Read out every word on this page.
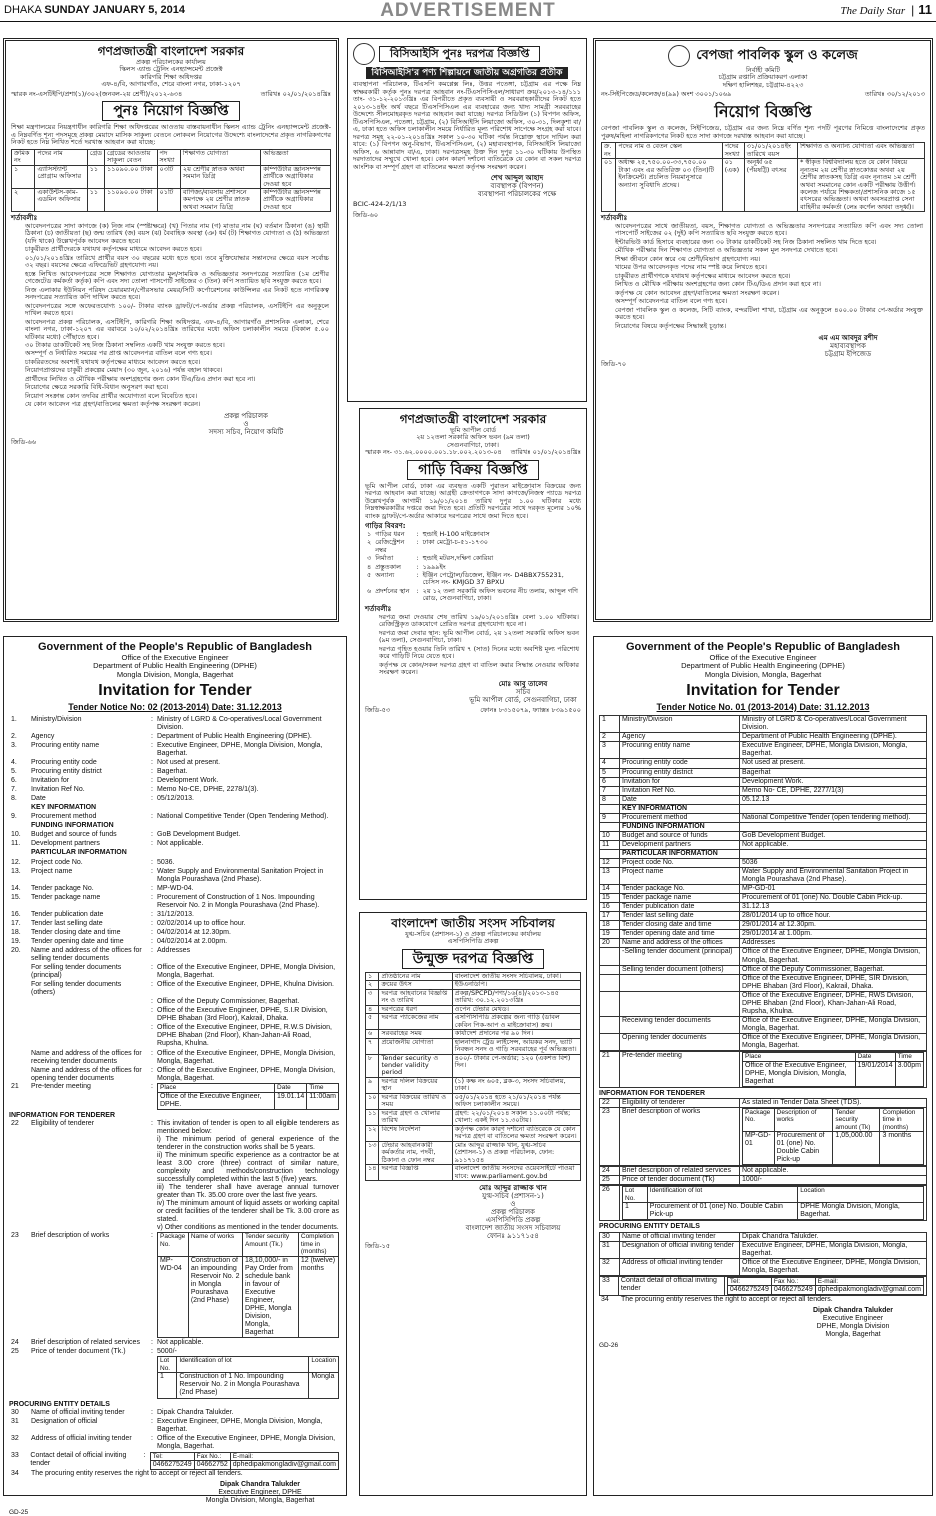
DHAKA SUNDAY JANUARY 5, 2014	ADVERTISEMENT	The Daily Star | 11
গণপ্রজাতন্ত্রী বাংলাদেশ সরকার
প্রকল্প পরিচালকের কার্যালয়
স্কিলস এ্যান্ড ট্রেনিং এনহ্যান্সমেন্ট প্রজেক্ট
কারিগরি শিক্ষা অধিদপ্তর
এফ-৪/বি, আগারগাঁও, শেরে বাংলা নগর, ঢাকা-১২০৭
স্মারক নং-এসটিইপি/প্রশা(১)/৩০২(জনবল-২য় শ্রেণী)/২০১২-৬৩৪	তারিখঃ ০২/০১/২০১৪খ্রিঃ
পুনঃ নিয়োগ বিজ্ঞপ্তি
শিক্ষা মন্ত্রণালয়ের নিয়ন্ত্রণাধীন কারিগরি শিক্ষা অধিদপ্তরের আওতায় বাস্তবায়নাধীন স্কিলস এ্যান্ড ট্রেনিং এনহ্যান্সমেন্ট প্রজেক্ট- এ নিম্নবর্ণিত শূন্য পদসমূহে প্রকল্প মেয়াদে মাসিক সাকুল্য বেতনে লোকবল নিয়োগের উদ্দেশ্যে বাংলাদেশের প্রকৃত নাগরিকগণের নিকট হতে নিম্ন লিখিত শর্তে দরখাস্ত আহবান করা যাচ্ছে:
ক্রমিক নং	পদের নাম	গ্রেড	গ্রেডের আওতায় সাকুল্য বেতন	পদ সংখ্যা	শিক্ষাগত যোগ্যতা	অভিজ্ঞতা
১	এ্যাসিস্ট্যান্ট প্রোগ্রাম অফিসার	১১	১১০৯০.০০ টাকা	০৩টি	২য় শ্রেণীর স্নাতক অথবা সমমান ডিগ্রি	কম্পিউটার জ্ঞানসম্পন্ন প্রার্থীকে অগ্রাধিকার দেওয়া হবে
২	একাউন্টস-কাম-এডমিন অফিসার	১১	১১০৯০.০০ টাকা	০১টি	বাণিজ্য/ব্যবসায় প্রশাসনে কমপক্ষে ২য় শ্রেণীর স্নাতক অথবা সমমান ডিগ্রি	কম্পিউটার জ্ঞানসম্পন্ন প্রার্থীকে অগ্রাধিকার দেওয়া হবে
শর্তাবলীঃ
	আবেদনপত্রের সাদা কাগজে (ক) নিজ নাম (স্পষ্টাক্ষরে) (খ) পিতার নাম (গ) মাতার নাম (ঘ) বর্তমান ঠিকানা (ঙ) স্থায়ী ঠিকানা (চ) জাতীয়তা (ছ) জন্ম তারিখ (জ) বয়স (ঝ) বৈবাহিক অবস্থা (ঞ) ধর্ম (ট) শিক্ষাগত যোগ্যতা ও (ঠ) অভিজ্ঞতা (যদি থাকে) উল্লেখপূর্বক আবেদন করতে হবে।
	চাকুরীরত প্রার্থীদেরকে যথাযথ কর্তৃপক্ষের মাধ্যমে আবেদন করতে হবে।
	০১/০১/২০১৪খ্রিঃ তারিখে প্রার্থীর বয়স ৩০ বছরের মধ্যে হতে হবে। তবে মুক্তিযোদ্ধার সন্তানদের ক্ষেত্রে বয়স সর্বোচ্চ ৩২ বছর। বয়সের ক্ষেত্রে এফিডেভিট গ্রহণযোগ্য নয়।
	হস্তে লিখিত আবেদনপত্রের সঙ্গে শিক্ষাগত যোগ্যতার মূল/সাময়িক ও অভিজ্ঞতার সনদপত্রের সত্যায়িত (১ম শ্রেণীর গেজেটেড কর্মকর্তা কর্তৃক) কপি এবং সদ্য তোলা পাসপোর্ট সাইজের ৩ (তিন) কপি সত্যায়িত ছবি সংযুক্ত করতে হবে।
	নিজ এলাকার ইউনিয়ন পরিষদ চেয়ারম্যান/পৌরসভার মেয়র/সিটি কর্পোরেশনের কাউন্সিলর এর নিকট হতে নাগরিকত্ব সনদপত্রের সত্যায়িত কপি দাখিল করতে হবে।
	আবেদনপত্রের সঙ্গে অফেরতযোগ্য ১০০/- টাকার ব্যাংক ড্রাফট/পে-অর্ডার প্রকল্প পরিচালক, এসটিইপি এর অনুকূলে দাখিল করতে হবে।
	আবেদনপত্র প্রকল্প পরিচালক, এসটিইপি, কারিগরি শিক্ষা অধিদপ্তর, এফ-৪/বি, আগারগাঁও প্রশাসনিক এলাকা, শেরে বাংলা নগর, ঢাকা-১২০৭ এর বরাবরে ১০/০২/২০১৪খ্রিঃ তারিখের মধ্যে অফিস চলাকালীন সময়ে (বিকাল ৫.০০ ঘটিকার মধ্যে) পৌঁছাতে হবে।
	৩০ টাকার ডাকটিকেট সহ নিজ ঠিকানা সম্বলিত একটি খাম সংযুক্ত করতে হবে।
	অসম্পূর্ণ ও নির্ধারিত সময়ের পর প্রাপ্ত আবেদনপত্র বাতিল বলে গণ্য হবে।
	চাকরিরতদের অবশ্যই যথাযথ কর্তৃপক্ষের মাধ্যমে আবেদন করতে হবে।
	নিয়োগপ্রাপ্তদের চাকুরী প্রকল্পের মেয়াদ (৩০ জুন, ২০১৬) পর্যন্ত বহাল থাকবে।
	প্রার্থীদের লিখিত ও মৌখিক পরীক্ষায় অংশগ্রহণের জন্য কোন টিএ/ডিএ প্রদান করা হবে না।
	নিয়োগের ক্ষেত্রে সরকারি বিধি-বিধান অনুসরণ করা হবে।
	নিয়োগ সংক্রান্ত কোন তদবির প্রার্থীর অযোগ্যতা বলে বিবেচিত হবে।
	যে কোন আবেদন পত্র গ্রহণ/বাতিলের ক্ষমতা কর্তৃপক্ষ সংরক্ষণ করেন।
প্রকল্প পরিচালক
ও
সদস্য সচিব, নিয়োগ কমিটি
জিডি-৬৬
বিসিআইসি পুনঃ দরপত্র বিজ্ঞপ্তি
বিসিআইসি'র পণ্য শিল্পায়নে জাতীয় অগ্রগতির প্রতীক
ব্যবস্থাপনা পরিচালক, টিএসপি কমপ্লেক্স লিঃ, উত্তর পতেঙ্গা, চট্টগ্রাম এর পক্ষে নিম্ন স্বাক্ষরকারী কর্তৃক পুনঃ দরপত্র আহবান নং-টিএসপিসিএল/সাধারণ ক্রয়/২০১৩-১৪/১১১ তাং- ৩১-১২-২০১৩খ্রিঃ এর বিপরীতে প্রকৃত ব্যবসায়ী ও সরবরাহকারীদের নিকট হতে ২০১৩-১৪ইং অর্থ বছরে টিএসপিসিএল এর ব্যবহারের জন্য খাদ্য সামগ্রী সরবরাহের উদ্দেশ্যে সীলমোহরকৃত দরপত্র আহবান করা যাচ্ছে। দরপত্র সিডিউল (১) বিপণন অফিস, টিএসপিসিএল, পতেঙ্গা, চট্টগ্রাম, (২) বিসিআইসি লিয়াজো অফিস, ৩০-৩১, দিলকুশা বা/এ, ঢাকা হতে অফিস চলাকালীন সময়ে নির্ধারিত মূল্য পরিশোধ সাপেক্ষে সংগ্রহ করা যাবে। দরপত্র সমূহ ২২-০১-২০১৪খ্রিঃ সকাল ১০-৩০ ঘটিকা পর্যন্ত নিম্নোক্ত স্থানে দাখিল করা যাবে: (১) বিপণন অনু-বিভাগ, টিএসপিসিএল, (২) মহাব্যবস্থাপক, বিসিআইসি লিয়াজো অফিস, ৬ আন্নাবাদ বা/এ, ঢাকা। দরপত্রসমূহ উক্ত দিন দুপুর ১১-৩০ ঘটিকায় উপস্থিত দরদাতাদের সম্মুখে খোলা হবে। কোন কারণ দর্শানো ব্যতিরেকে যে কোন বা সকল দরপত্র আংশিক বা সম্পূর্ণ গ্রহণ বা বাতিলের ক্ষমতা কর্তৃপক্ষ সংরক্ষণ করেন।
শেখ আব্দুল আহাদ
ব্যবস্থাপক (বিপণন)
ব্যবস্থাপনা পরিচালকের পক্ষে
BCIC-424-2/1/13
জিডি-৬০
গণপ্রজাতন্ত্রী বাংলাদেশ সরকার
ভূমি আপীল বোর্ড
২য় ১২তলা সরকারি অফিস ভবন (৯ম তলা)
সেগুনবাগিচা, ঢাকা।
স্মারক নং- ৩১.৬২.০০০০.০০১.১৮.০০২.২০১৩-০৪ তারিখঃ ০১/০১/২০১৪খ্রিঃ
গাড়ি বিক্রয় বিজ্ঞপ্তি
ভূমি আপীল বোর্ড, ঢাকা এর ব্যবহৃত একটি পুরাতন মাইক্রোবাস বিক্রয়ের জন্য দরপত্র আহবান করা যাচ্ছে। আগ্রহী ক্রেতাগণকে সাদা কাগজে/নিজস্ব প্যাডে দরপত্র উল্লেখপূর্বক আগামী ১৯/০১/২০১৪ তারিখ দুপুর ১.০০ ঘটিকার মধ্যে নিম্নস্বাক্ষরকারীর দপ্তরে জমা দিতে হবে। প্রতিটি দরপত্রের সাথে দরকৃত মূল্যের ১০% ব্যাংক ড্রাফট/পে-অর্ডার আকারে দরপত্রের সাথে জমা দিতে হবে।
গাড়ির বিবরণ:
১	গাড়ির ধরন	:	হুন্ডাই H-100 মাইক্রোবাস
২	রেজিস্ট্রেশন নম্বর	:	ঢাকা মেট্রো-চ-৫১-১৭৩০
৩	নির্মাতা	:	হুন্ডাই মটরস,দক্ষিণ কোরিয়া
৪	প্রস্তুতকাল	:	১৯৯৯ইং
৫	অন্যান্য	:	ইঞ্জিন পেট্রোল/ডিজেল, ইঞ্জিন নং- D4BBX755231, চেসিস নং- KMJGD 37 BPXU
৬	প্রদর্শনের স্থান	:	২য় ১২ তলা সরকারি অফিস ভবনের নীচ তলায়, আব্দুল গণি রোড, সেগুনবাগিচা, ঢাকা।
শর্তাবলীঃ
	দরপত্র জমা দেওয়ার শেষ তারিখ ১৯/০১/২০১৪খ্রিঃ বেলা ১.০০ ঘটিকায়। রেজিস্ট্রিকৃত ডাকযোগে প্রেরিত দরপত্র গ্রহণযোগ্য হবে না।
	দরপত্র জমা দেবার স্থান: ভূমি আপীল বোর্ড, ২য় ১২তলা সরকারি অফিস ভবন (৯ম তলা), সেগুনবাগিচা, ঢাকা।
	দরপত্র গৃহিত হওয়ার তিনি তারিখ ৭ (সাত) দিনের মধ্যে অবশিষ্ট মূল্য পরিশোধ করে গাড়িটি নিয়ে যেতে হবে।
	কর্তৃপক্ষ যে কোন/সকল দরপত্র গ্রহণ বা বাতিল করার সিদ্ধান্ত নেওয়ার অধিকার সংরক্ষণ করেন।
মোঃ আবু তালেব
সচিব
ভূমি আপীল বোর্ড, সেগুনবাগিচা, ঢাকা
জিডি-৫৩	ফোনঃ ৮৩১৫০৭৯, ফ্যাক্সঃ ৮৩৯১৫০০
বাংলাদেশ জাতীয় সংসদ সচিবালয়
যুগ্ম-সচিব (প্রশাসন-১) ও প্রকল্প পরিচালকের কার্যালয়
এসপিসিপিডি প্রকল্প
উন্মুক্ত দরপত্র বিজ্ঞপ্তি
১	প্রতিষ্ঠানের নাম	বাংলাদেশ জাতীয় সংসদ সচিবালয়, ঢাকা।
২	ক্রয়ের উৎস	ইউএনডিপি।
৩	দরপত্র আহবানের বিজ্ঞপ্তি নং ও তারিখ	প্রকল্প/SPCPD/পণ্য/১৬(৪)/২০১৩-১৪৫ তারিখ: ৩০.১২.২০১৩খ্রিঃ
৪	দরপত্রের ধরণ	ওপেন টেন্ডার মেথড।
৫	দরপত্র প্যাকেজের নাম	এসপিসিপিডি প্রকল্পের জন্য গাড়ি (ডাবল কেবিন পিক-আপ ও মাইক্রোবাস) ক্রয়।
৬	সরবরাহের সময়	কার্যাদেশ প্রদানের পর ৯০ দিন।
৭	প্রয়োজনীয় যোগ্যতা	হালনাগাদ ট্রেড লাইসেন্স, আয়কর সনদ, ভ্যাট নিবন্ধন সনদ ও গাড়ি সরবরাহের পূর্ব অভিজ্ঞতা।
৮	Tender security ও tender validity period	৪০০/- টাকার পে-অর্ডার; ১২০ (একশত বিশ) দিন।
৯	দরপত্র দলিল বিক্রয়ের স্থান	(১) কক্ষ নং ৬০৫, ব্লক-৩, সংসদ সচিবালয়, ঢাকা।
১০	দরপত্র বিক্রয়ের তারিখ ও সময়	০৫/০১/২০১৪ হতে ২১/০১/২০১৪ পর্যন্ত অফিস চলাকালীন সময়ে।
১১	দরপত্র গ্রহণ ও খোলার তারিখ	গ্রহণ: ২২/০১/২০১৪ সকাল ১১.০০টা পর্যন্ত; খোলা: একই দিন ১১.৩০টায়।
১২	বিশেষ নির্দেশনা	কর্তৃপক্ষ কোন কারণ দর্শানো ব্যতিরেকে যে কোন দরপত্র গ্রহণ বা বাতিলের ক্ষমতা সংরক্ষণ করেন।
১৩	টেন্ডার আহবানকারী কর্মকর্তার নাম, পদবী, ঠিকানা ও ফোন নম্বর	মোঃ আব্দুর রাজ্জাক খান, যুগ্ম-সচিব (প্রশাসন-১) ও প্রকল্প পরিচালক, ফোন: ৯১১৭১৫৪
১৪	দরপত্র বিজ্ঞপ্তি	বাংলাদেশ জাতীয় সংসদের ওয়েবসাইটে পাওয়া যাবে: www.parliament.gov.bd
মোঃ আব্দুর রাজ্জাক খান
যুগ্ম-সচিব (প্রশাসন-১)
ও
প্রকল্প পরিচালক
এসপিসিপিডি প্রকল্প
বাংলাদেশ জাতীয় সংসদ সচিবালয়
ফোনঃ ৯১১৭১৫৪
জিডি-১৫
বেপজা পাবলিক স্কুল ও কলেজ
নির্বাহী কমিটি
চট্টগ্রাম রপ্তানি প্রক্রিয়াকরণ এলাকা
দক্ষিণ হালিশহর, চট্টগ্রাম-৪২২৩
নং-সিইপিজেড/কলেজ/৪(৯৯) অংশ ৩০০১/১০৬৯	তারিখঃ ৩০/১২/২০১৩
নিয়োগ বিজ্ঞপ্তি
বেপজা পাবলিক স্কুল ও কলেজ, সিইপিজেড, চট্টগ্রাম এর জন্য নিম্নে বর্ণিত শূন্য পদটি পূরণের নিমিত্তে বাংলাদেশের প্রকৃত পুরুষ/মহিলা নাগরিকগণের নিকট হতে সাদা কাগজে দরখাস্ত আহবান করা যাচ্ছে।
ক্র. নং	পদের নাম ও বেতন স্কেল	পদের সংখ্যা	৩১/০১/২০১৪ইং তারিখে বয়স	শিক্ষাগত ও অন্যান্য যোগ্যতা এবং অভিজ্ঞতা
০১	অধ্যক্ষ ২৫,৭৫০.০০-৩৩,৭৫০.০০ টাকা এবং এর অতিরিক্ত ০৩ (তিন)টি ইনক্রিমেন্ট। প্রচলিত নিয়মানুসারে অন্যান্য সুবিধাদি প্রদেয়।	০১ (এক)	অনূর্ধ্ব ৬৫ (পঁয়ষট্টি) বৎসর	* স্বীকৃত বিশ্ববিদ্যালয় হতে যে কোন বিষয়ে নূন্যতম ২য় শ্রেণীর স্নাতকোত্তর অথবা ২য় শ্রেণীর স্নাতকসহ ডিগ্রি এবং নূন্যতম ১ম শ্রেণী অথবা সমমানের কোন একটি পরীক্ষায় উত্তীর্ণ। কলেজ পর্যায়ে শিক্ষকতা/প্রশাসনিক কাজে ১৫ বৎসরের অভিজ্ঞতা। অথবা অবসরপ্রাপ্ত সেনা বাহিনীর কর্মকর্তা (লেঃ কর্ণেল অথবা তদূর্ধ্ব)।
শর্তাবলীঃ
	আবেদনপত্রের সাথে জাতীয়তা, বয়স, শিক্ষাগত যোগ্যতা ও অভিজ্ঞতার সনদপত্রের সত্যায়িত কপি এবং সদ্য তোলা পাসপোর্ট সাইজের ০২ (দুই) কপি সত্যায়িত ছবি সংযুক্ত করতে হবে।
	ইন্টারভিউ কার্ড হিসাবে ব্যবহারের জন্য ৩০ টাকার ডাকটিকেট সহ নিজ ঠিকানা সম্বলিত খাম দিতে হবে।
	মৌখিক পরীক্ষার দিন শিক্ষাগত যোগ্যতা ও অভিজ্ঞতার সকল মূল সনদপত্র দেখাতে হবে।
	শিক্ষা জীবনে কোন স্তরে ৩য় শ্রেণী/বিভাগ গ্রহণযোগ্য নয়।
	খামের উপর আবেদনকৃত পদের নাম স্পষ্ট করে লিখতে হবে।
	চাকুরীরত প্রার্থীগণকে যথাযথ কর্তৃপক্ষের মাধ্যমে আবেদন করতে হবে।
	লিখিত ও মৌখিক পরীক্ষায় অংশগ্রহণের জন্য কোন টিএ/ডিএ প্রদান করা হবে না।
	কর্তৃপক্ষ যে কোন আবেদন গ্রহণ/বাতিলের ক্ষমতা সংরক্ষণ করেন।
	অসম্পূর্ণ আবেদনপত্র বাতিল বলে গণ্য হবে।
	বেপজা পাবলিক স্কুল ও কলেজ, সিটি ব্যাংক, বন্দরটিলা শাখা, চট্টগ্রাম এর অনুকূলে ৪০০.০০ টাকার পে-অর্ডার সংযুক্ত করতে হবে।
	নিয়োগের বিষয়ে কর্তৃপক্ষের সিদ্ধান্তই চূড়ান্ত।
এম এম আবদুর রশীদ
মহাব্যবস্থাপক
চট্টগ্রাম ইপিজেড
জিডি-৭০
Government of the People's Republic of Bangladesh
Office of the Executive Engineer
Department of Public Health Engineering (DPHE)
Mongla Division, Mongla, Bagerhat
Invitation for Tender
Tender Notice No: 02 (2013-2014) Date: 31.12.2013
1.	Ministry/Division	:	Ministry of LGRD & Co-operatives/Local Government Division.
2.	Agency	:	Department of Public Health Engineering (DPHE).
3.	Procuring entity name	:	Executive Engineer, DPHE, Mongla Division, Mongla, Bagerhat.
4.	Procuring entity code	:	Not used at present.
5.	Procuring entity district	:	Bagerhat.
6.	Invitation for	:	Development Work.
7.	Invitation Ref No.	:	Memo No-CE, DPHE, 2278/1(3).
8.	Date	:	05/12/2013.
	KEY INFORMATION		
9.	Procurement method	:	National Competitive Tender (Open Tendering Method).
	FUNDING INFORMATION		
10.	Budget and source of funds	:	GoB Development Budget.
11.	Development partners	:	Not applicable.
	PARTICULAR INFORMATION		
12.	Project code No.	:	5036.
13.	Project name	:	Water Supply and Environmental Sanitation Project in Mongla Pourashava (2nd Phase).
14.	Tender package No.	:	MP-WD-04.
15.	Tender package name	:	Procurement of Construction of 1 Nos. Impounding Reservoir No. 2 in Mongla Pourashava (2nd Phase).
16.	Tender publication date	:	31/12/2013.
17.	Tender last selling date	:	02/02/2014 up to office hour.
18.	Tender closing date and time	:	04/02/2014 at 12.30pm.
19.	Tender opening date and time	:	04/02/2014 at 2.00pm.
20.	Name and address of the offices for selling tender documents	:	Addresses
	For selling tender documents (principal)	:	Office of the Executive Engineer, DPHE, Mongla Division, Mongla, Bagerhat.
	For selling tender documents (others)	:	Office of the Executive Engineer, DPHE, Khulna Division.
		:	Office of the Deputy Commissioner, Bagerhat.
		:	Office of the Executive Engineer, DPHE, S.I.R Division, DPHE Bhaban (3rd Floor), Kakrail, Dhaka.
		:	Office of the Executive Engineer, DPHE, R.W.S Division, DPHE Bhaban (2nd Floor), Khan-Jahan-Ali Road, Rupsha, Khulna.
	Name and address of the offices for receiving tender documents	:	Office of the Executive Engineer, DPHE, Mongla Division, Mongla, Bagerhat.
	Name and address of the offices for opening tender documents	:	Office of the Executive Engineer, DPHE, Mongla Division, Mongla, Bagerhat.
21	Pre-tender meeting	:	Place	Date	Time
Office of the Executive Engineer, DPHE.	19.01.14	11:00am
INFORMATION FOR TENDERER
22	Eligibility of tenderer	:	This invitation of tender is open to all eligible tenderers as mentioned below:
i) The minimum period of general experience of the tenderer in the construction works shall be 5 years.
ii) The minimum specific experience as a contractor be at least 3.00 crore (three) contract of similar nature, complexity and methods/construction technology successfully completed within the last 5 (five) years.
iii) The tenderer shall have average annual turnover greater than Tk. 35.00 crore over the last five years.
iv) The minimum amount of liquid assets or working capital or credit facilities of the tenderer shall be Tk. 3.00 crore as stated.
v) Other conditions as mentioned in the tender documents.
23	Brief description of works	:	Package No.	Name of works	Tender security Amount (Tk.)	Completion time in (months)
MP-WD-04	Construction of an impounding Reservoir No. 2 in Mongla Pourashava (2nd Phase)	18,10,000/- in Pay Order from schedule bank in favour of Executive Engineer, DPHE, Mongla Division, Mongla, Bagerhat	12 (twelve) months
24	Brief description of related services	:	Not applicable.
25	Price of tender document (Tk.)	:	5000/-

Lot No.	Identification of lot	Location
1	Construction of 1 No. Impounding Reservoir No. 2 in Mongla Pourashava (2nd Phase)	Mongla
PROCURING ENTITY DETAILS
30	Name of official inviting tender	:	Dipak Chandra Talukder.
31	Designation of official	:	Executive Engineer, DPHE, Mongla Division, Mongla, Bagerhat.
32	Address of official inviting tender	:	Office of the Executive Engineer, DPHE, Mongla Division, Mongla, Bagerhat.
33	Contact detail of official inviting tender	:	Tel:	Fax No.:	E-mail:
0466275249	04662752	dphedipakmongladiv@gmail.com
34	The procuring entity reserves the right to accept or reject all tenders.
Dipak Chandra Talukder
Executive Engineer, DPHE
Mongla Division, Mongla, Bagerhat
GD-25
Government of the People's Republic of Bangladesh
Office of the Executive Engineer
Department of Public Health Engineering (DPHE)
Mongla Division, Mongla, Bagerhat
Invitation for Tender
Tender Notice No. 01 (2013-2014) Date: 31.12.2013
1	Ministry/Division	Ministry of LGRD & Co-operatives/Local Government Division.
2	Agency	Department of Public Health Engineering (DPHE).
3	Procuring entity name	Executive Engineer, DPHE, Mongla Division, Mongla, Bagerhat.
4	Procuring entity code	Not used at present.
5	Procuring entity district	Bagerhat
6	Invitation for	Development Work.
7	Invitation Ref No.	Memo No- CE, DPHE, 2277/1(3)
8	Date	05.12.13
	KEY INFORMATION	
9	Procurement method	National Competitive Tender (open tendering method).
	FUNDING INFORMATION	
10	Budget and source of funds	GoB Development Budget.
11	Development partners	Not applicable.
	PARTICULAR INFORMATION	
12	Project code No.	5036
13	Project name	Water Supply and Environmental Sanitation Project in Mongla Pourashava (2nd Phase).
14	Tender package No.	MP-GD-01
15	Tender package name	Procurement of 01 (one) No. Double Cabin Pick-up.
16	Tender publication date	31.12.13
17	Tender last selling date	28/01/2014 up to office hour.
18	Tender closing date and time	29/01/2014 at 12.30pm.
19	Tender opening date and time	29/01/2014 at 1.00pm.
20	Name and address of the offices	Addresses
	-Selling tender document (principal)	Office of the Executive Engineer, DPHE, Mongla Division, Mongla, Bagerhat.
	Selling tender document (others)	Office of the Deputy Commissioner, Bagerhat.
		Office of the Executive Engineer, DPHE, SIR Division, DPHE Bhaban (3rd Floor), Kakrail, Dhaka.
		Office of the Executive Engineer, DPHE, RWS Division, DPHE Bhaban (2nd Floor), Khan-Jahan-Ali Road, Rupsha, Khulna.
	Receiving tender documents	Office of the Executive Engineer, DPHE, Mongla Division, Mongla, Bagerhat.
	Opening tender documents	Office of the Executive Engineer, DPHE, Mongla Division, Mongla, Bagerhat.
21	Pre-tender meeting		Place	Date	Time
Office of the Executive Engineer, DPHE, Mongla Division, Mongla, Bagerhat	19/01/2014	3.00pm
INFORMATION FOR TENDERER
22	Eligibility of tenderer	As stated in Tender Data Sheet (TDS).
23	Brief description of works		Package No.	Description of works	Tender security amount (Tk)	Completion time in (months)
MP-GD-01	Procurement of 01 (one) No. Double Cabin Pick-up	1,05,000.00	3 months
24	Brief description of related services	Not applicable.
25	Price of tender document (Tk)	1000/-
26	Lot No.	Identification of lot	Location
1	Procurement of 01 (one) No. Double Cabin Pick-up	DPHE Mongla Division, Mongla, Bagerhat.
PROCURING ENTITY DETAILS
30	Name of official inviting tender	Dipak Chandra Talukder.
31	Designation of official inviting tender	Executive Engineer, DPHE, Mongla Division, Mongla, Bagerhat.
32	Address of official inviting tender	Office of the Executive Engineer, DPHE, Mongla Division, Mongla, Bagerhat.
33	Contact detail of official inviting tender	
Tel:	Fax No.:	E-mail:
0466275249	0466275249	dphedipakmongladiv@gmail.com
34	The procuring entity reserves the right to accept or reject all tenders.
Dipak Chandra Talukder
Executive Engineer
DPHE, Mongla Division
Mongla, Bagerhat
GD-26
